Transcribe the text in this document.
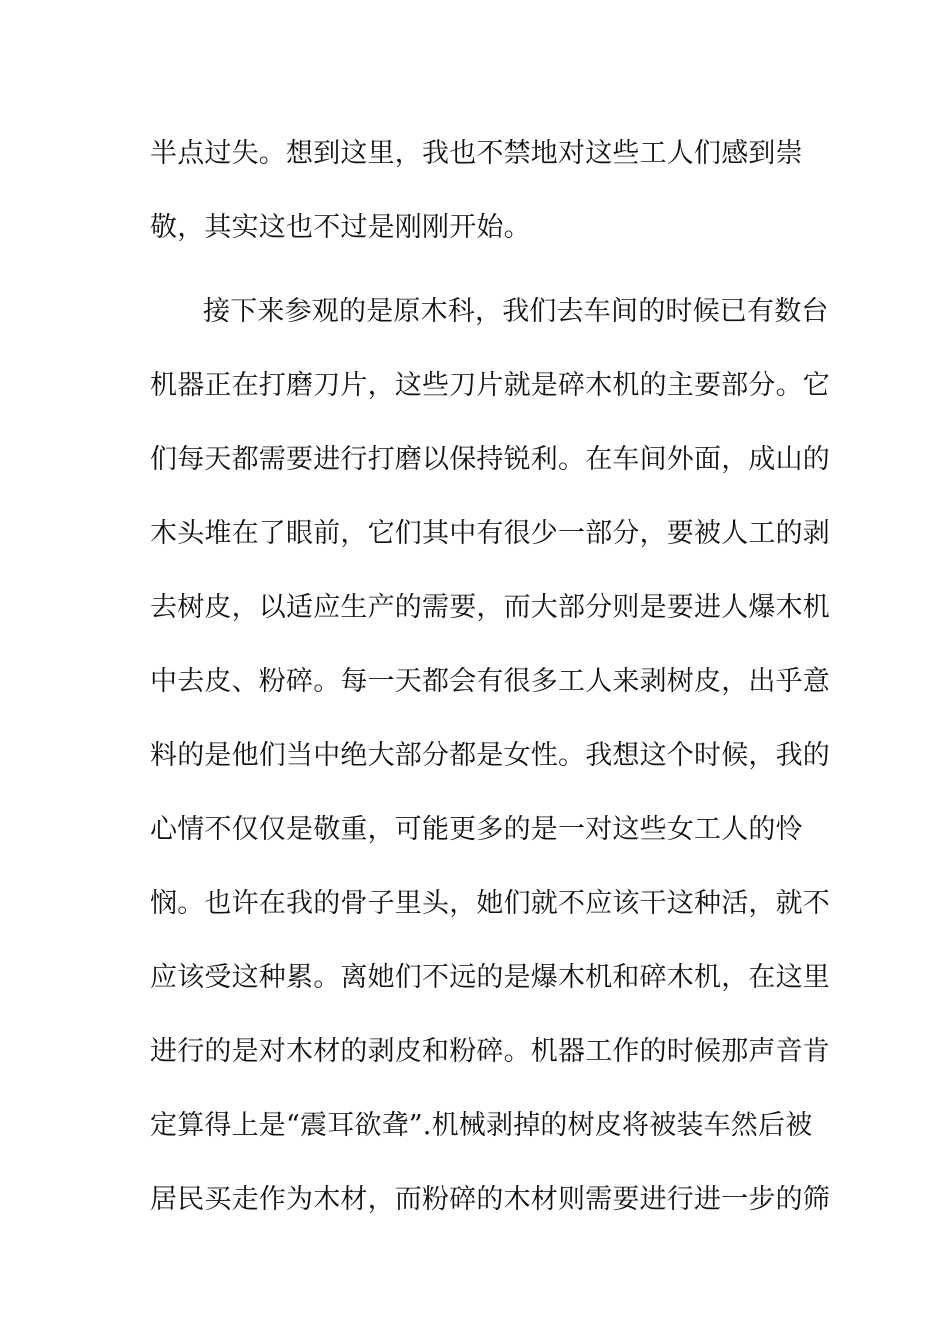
半点过失。想到这里，我也不禁地对这些工人们感到崇
敬，其实这也不过是刚刚开始。
接下来参观的是原木科，我们去车间的时候已有数台
机器正在打磨刀片，这些刀片就是碎木机的主要部分。它
们每天都需要进行打磨以保持锐利。在车间外面，成山的
木头堆在了眼前，它们其中有很少一部分，要被人工的剥
去树皮，以适应生产的需要，而大部分则是要进人爆木机
中去皮、粉碎。每一天都会有很多工人来剥树皮，出乎意
料的是他们当中绝大部分都是女性。我想这个时候，我的
心情不仅仅是敬重，可能更多的是一对这些女工人的怜
悯。也许在我的骨子里头，她们就不应该干这种活，就不
应该受这种累。离她们不远的是爆木机和碎木机，在这里
进行的是对木材的剥皮和粉碎。机器工作的时候那声音肯
定算得上是“震耳欲聋”.机械剥掉的树皮将被装车然后被
居民买走作为木材，而粉碎的木材则需要进行进一步的筛
